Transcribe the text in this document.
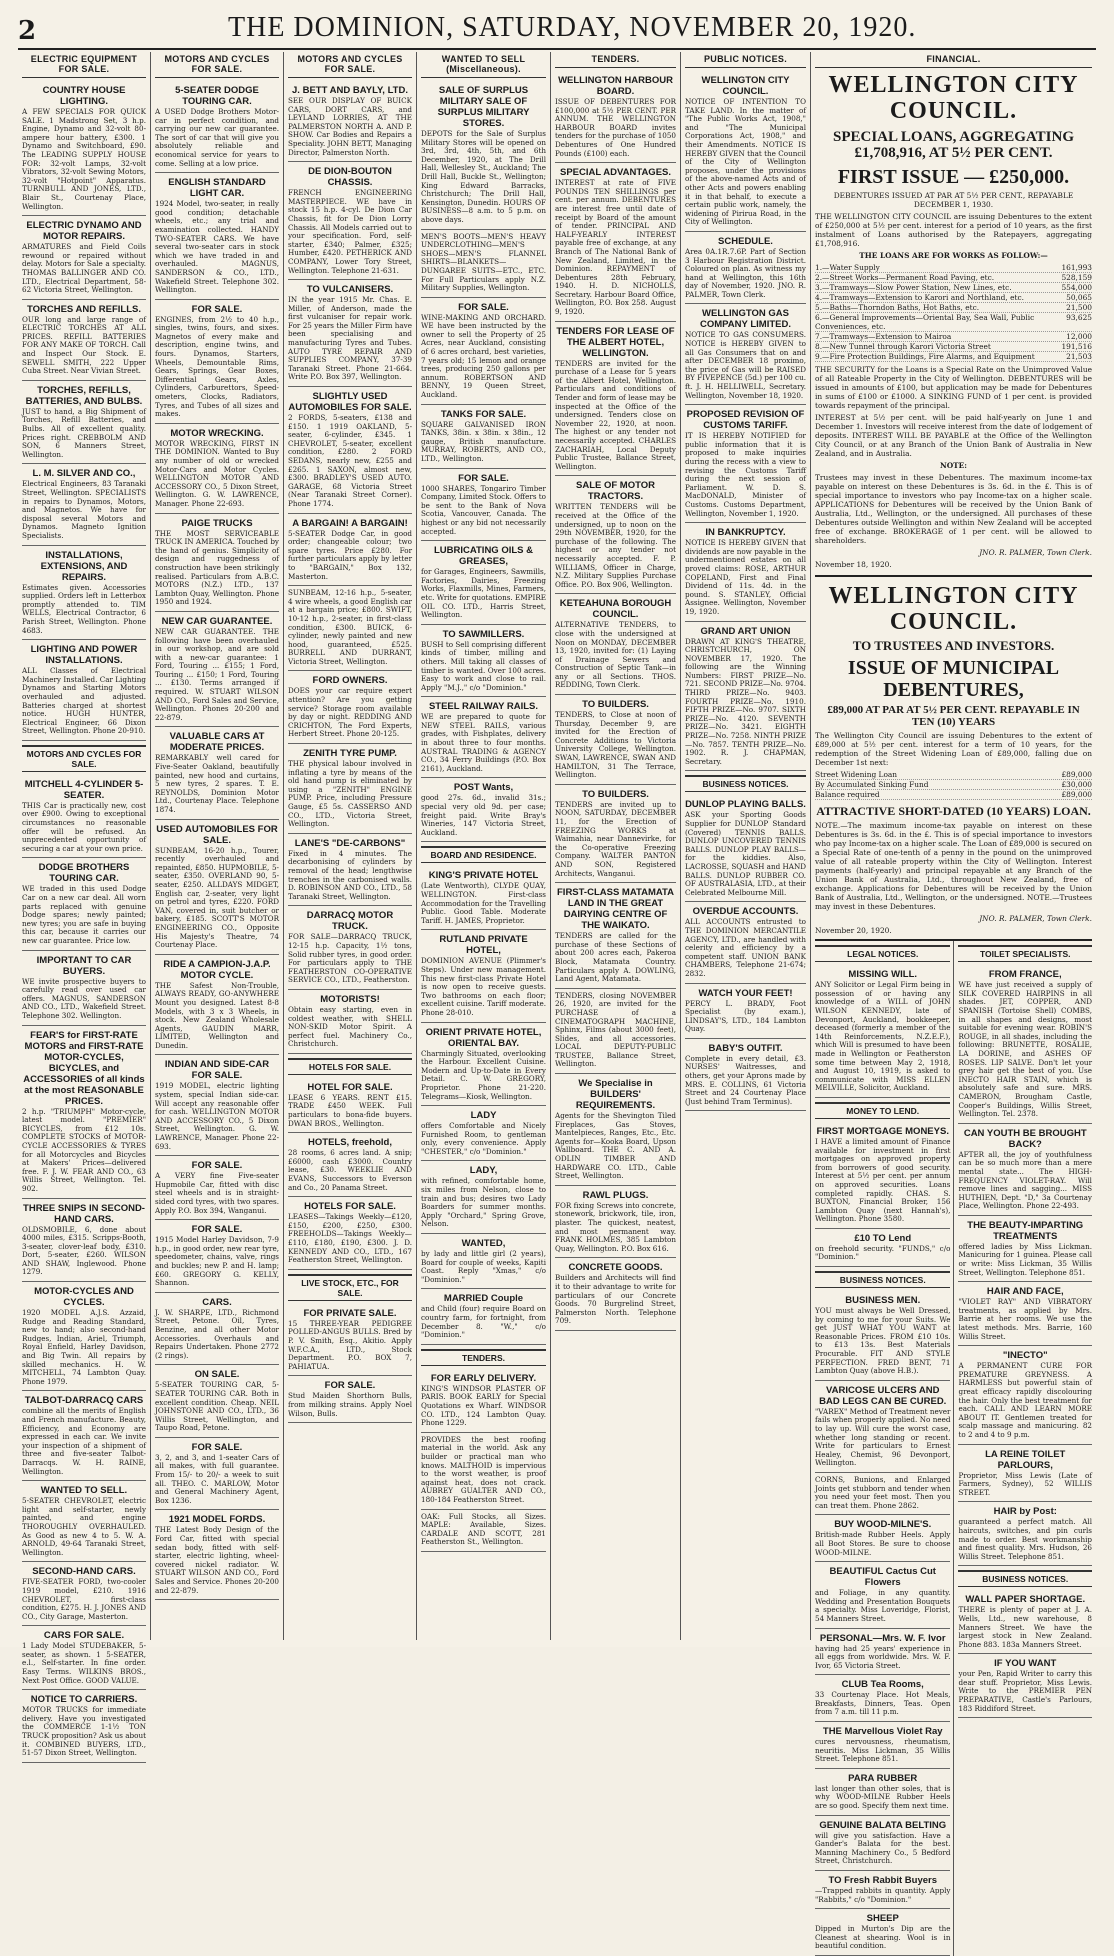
2	THE DOMINION, SATURDAY, NOVEMBER 20, 1920.
ELECTRIC EQUIPMENT FOR SALE.
COUNTRY HOUSE LIGHTING.
A FEW SPECIALS FOR QUICK SALE. 1 Madstrong Set, 3 h.p. Engine, Dynamo and 32-volt 80-ampere hour battery, £300. 1 Dynamo and Switchboard, £90. The LEADING SUPPLY HOUSE FOR: 32-volt Lamps, 32-volt Vibrators, 32-volt Sewing Motors, 32-volt "Hotpoint" Apparatus. TURNBULL AND JONES, LTD., Blair St., Courtenay Place, Wellington.
ELECTRIC DYNAMO AND MOTOR REPAIRS.
ARMATURES and Field Coils rewound or repaired without delay. Motors for Sale a specialty. THOMAS BALLINGER AND CO. LTD., Electrical Department, 58-62 Victoria Street, Wellington.
TORCHES AND REFILLS.
OUR long and large range of ELECTRIC TORCHES AT ALL PRICES. REFILL BATTERIES FOR ANY MAKE OF TORCH. Call and Inspect Our Stock. E. SEWELL SMITH, 222 Upper Cuba Street. Near Vivian Street.
TORCHES, REFILLS, BATTERIES, AND BULBS.
JUST to hand, a Big Shipment of Torches, Refill Batteries, and Bulbs. All of excellent quality. Prices right. CREBBOLM AND SON, 6 Manners Street, Wellington.
L. M. SILVER AND CO.,
Electrical Engineers, 83 Taranaki Street, Wellington. SPECIALISTS in repairs to Dynamos, Motors, and Magnetos. We have for disposal several Motors and Dynamos. Magneto Ignition Specialists.
INSTALLATIONS, EXTENSIONS, AND REPAIRS.
Estimates given. Accessories supplied. Orders left in Letterbox promptly attended to. TIM WELLS, Electrical Contractor, 6 Parish Street, Wellington. Phone 4683.
LIGHTING AND POWER INSTALLATIONS.
ALL Classes of Electrical Machinery Installed. Car Lighting Dynamos and Starting Motors overhauled and adjusted. Batteries charged at shortest notice. HUGH HUNTER, Electrical Engineer, 66 Dixon Street, Wellington. Phone 20-910.
MOTORS AND CYCLES FOR SALE.
MITCHELL 4-CYLINDER 5-SEATER.
THIS Car is practically new, cost over £900. Owing to exceptional circumstances no reasonable offer will be refused. An unprecedented opportunity of securing a car at your own price.
DODGE BROTHERS TOURING CAR.
WE traded in this used Dodge Car on a new car deal. All worn parts replaced with genuine Dodge spares; newly painted; new tyres; you are safe in buying this car, because it carries our new car guarantee. Price low.
IMPORTANT TO CAR BUYERS.
WE invite prospective buyers to carefully read over used car offers. MAGNUS, SANDERSON AND CO., LTD., Wakefield Street. Telephone 302. Wellington.
FEAR'S for FIRST-RATE MOTORS and FIRST-RATE MOTOR-CYCLES, BICYCLES, and ACCESSORIES of all kinds at the most REASONABLE PRICES.
2 h.p. "TRIUMPH" Motor-cycle, latest model. "PREMIER" BICYCLES, from £12 10s. COMPLETE STOCKS of MOTOR-CYCLE ACCESSORIES & TYRES for all Motorcycles and Bicycles at Makers' Prices—delivered free. F. J. W. FEAR AND CO., 63 Willis Street, Wellington. Tel. 902.
THREE SNIPS IN SECOND-HAND CARS.
OLDSMOBILE, 6, done about 4000 miles, £315. Scripps-Booth, 3-seater, clover-leaf body, £310. Dort, 5-seater, £260. WILSON AND SHAW, Inglewood. Phone 1279.
MOTOR-CYCLES AND CYCLES.
1920 MODEL A.J.S. Azzaid, Rudge and Reading Standard, new to hand; also second-hand Rudges, Indian, Ariel, Triumph, Royal Enfield, Harley Davidson, and Big Twin. All repairs by skilled mechanics. H. W. MITCHELL, 74 Lambton Quay. Phone 1979.
TALBOT-DARRACQ CARS
combine all the merits of English and French manufacture. Beauty, Efficiency, and Economy are expressed in each car. We invite your inspection of a shipment of three and five-seater Talbot-Darracqs. W. H. RAINE, Wellington.
WANTED TO SELL.
5-SEATER CHEVROLET, electric light and self-starter, newly painted, and engine THOROUGHLY OVERHAULED. As Good as new 4 to 5. W. A. ARNOLD, 49-64 Taranaki Street, Wellington.
SECOND-HAND CARS.
FIVE-SEATER FORD, two-cooler 1919 model, £210. 1916 CHEVROLET, first-class condition, £275. H. J. JONES AND CO., City Garage, Masterton.
CARS FOR SALE.
1 Lady Model STUDEBAKER, 5-seater, as shown. 1 5-SEATER, e.l., Self-starter. In fine order. Easy Terms. WILKINS BROS., Next Post Office. GOOD VALUE.
NOTICE TO CARRIERS.
MOTOR TRUCKS for immediate delivery. Have you investigated the COMMERCE 1-1½ TON TRUCK proposition? Ask us about it. COMBINED BUYERS, LTD., 51-57 Dixon Street, Wellington.
MOTORS AND CYCLES FOR SALE.
5-SEATER DODGE TOURING CAR.
A USED Dodge Brothers Motor-car in perfect condition, and carrying our new car guarantee. The sort of car that will give you absolutely reliable and economical service for years to come. Selling at a low price.
ENGLISH STANDARD LIGHT CAR.
1924 Model, two-seater, in really good condition; detachable wheels, etc.; any trial and examination collected. HANDY TWO-SEATER CARS. We have several two-seater cars in stock which we have traded in and overhauled. MAGNUS, SANDERSON & CO., LTD., Wakefield Street. Telephone 302. Wellington.
FOR SALE.
ENGINES, from 2½ to 40 h.p., singles, twins, fours, and sixes. Magnetos of every make and description, engine twins, and fours. Dynamos, Starters, Wheels, Demountable Rims, Gears, Springs, Gear Boxes, Differential Gears, Axles, Cylinders, Carburettors, Speed-ometers, Clocks, Radiators, Tyres, and Tubes of all sizes and makes.
MOTOR WRECKING.
MOTOR WRECKING, FIRST IN THE DOMINION. Wanted to Buy any number of old or wrecked Motor-Cars and Motor Cycles. WELLINGTON MOTOR AND ACCESSORY CO., 5 Dixon Street, Wellington. G. W. LAWRENCE, Manager. Phone 22-693.
PAIGE TRUCKS
THE MOST SERVICEABLE TRUCK IN AMERICA. Touched by the hand of genius. Simplicity of design and ruggedness of construction have been strikingly realised. Particulars from A.B.C. MOTORS (N.Z.) LTD., 137 Lambton Quay, Wellington. Phone 1950 and 1924.
NEW CAR GUARANTEE.
NEW CAR GUARANTEE. THE following have been overhauled in our workshop, and are sold with a new-car guarantee: 1 Ford, Touring ... £155; 1 Ford, Touring ... £150; 1 Ford, Touring ... £130. Terms arranged if required. W. STUART WILSON AND CO., Ford Sales and Service, Wellington. Phones 20-200 and 22-879.
VALUABLE CARS AT MODERATE PRICES.
REMARKABLY well cared for Five-Seater Oakland, beautifully painted, new hood and curtains, 5 new tyres, 2 spares. T. E. REYNOLDS, Dominion Motor Ltd., Courtenay Place. Telephone 1874.
USED AUTOMOBILES FOR SALE.
SUNBEAM, 16-20 h.p., Tourer, recently overhauled and repainted, £850. HUPMOBILE, 5-seater, £350. OVERLAND 90, 5-seater, £250. ALLDAYS MIDGET, English car, 2-seater, very light on petrol and tyres, £220. FORD VAN, covered in, suit butcher or bakery, £185. SCOTT'S MOTOR ENGINEERING CO., Opposite His Majesty's Theatre, 74 Courtenay Place.
RIDE A CAMPION-J.A.P. MOTOR CYCLE.
THE Safest Non-Trouble, ALWAYS READY, GO-ANYWHERE Mount you designed. Latest 8-8 Models, with 3 x 3 Wheels, in stock. New Zealand Wholesale Agents, GAUDIN MARR, LIMITED, Wellington and Dunedin.
INDIAN AND SIDE-CAR FOR SALE.
1919 MODEL, electric lighting system, special Indian side-car. Will accept any reasonable offer for cash. WELLINGTON MOTOR AND ACCESSORY CO., 5 Dixon Street, Wellington. G. W. LAWRENCE, Manager. Phone 22-693.
FOR SALE.
A VERY fine Five-seater Hupmobile Car, fitted with disc steel wheels and is in straight-sided cord tyres, with two spares. Apply P.O. Box 394, Wanganui.
FOR SALE.
1915 Model Harley Davidson, 7-9 h.p., in good order, new rear tyre, speedometer, chains, valve, rings and buckles; new P. and H. lamp; £60. GREGORY G. KELLY, Shannon.
CARS.
J. W. SHARPE, LTD., Richmond Street, Petone. Oil, Tyres, Benzine, and all other Motor Accessories. Overhauls and Repairs Undertaken. Phone 2772 (2 rings).
ON SALE.
5-SEATER TOURING CAR, 5-SEATER TOURING CAR. Both in excellent condition. Cheap. NEIL JOHNSTONE AND CO., LTD., 36 Willis Street, Wellington, and Taupo Road, Petone.
FOR SALE.
3, 2, and 3, and 1-seater Cars of all makes, with full guarantee. From 15/- to 20/- a week to suit all. THEO. C. MARLOW, Motor and General Machinery Agent, Box 1236.
1921 MODEL FORDS.
THE Latest Body Design of the Ford Car, fitted with special sedan body, fitted with self-starter, electric lighting, wheel-covered nickel radiator. W. STUART WILSON AND CO., Ford Sales and Service. Phones 20-200 and 22-879.
MOTORS AND CYCLES FOR SALE.
J. BETT AND BAYLY, LTD.
SEE OUR DISPLAY OF BUICK CARS, DORT CARS, and LEYLAND LORRIES, AT THE PALMERSTON NORTH A. AND P. SHOW. Car Bodies and Repairs a Speciality. JOHN BETT, Managing Director, Palmerston North.
DE DION-BOUTON CHASSIS.
FRENCH ENGINEERING MASTERPIECE. WE have in stock 15 h.p. 4-cyl. De Dion Car Chassis, fit for De Dion Lorry Chassis. All Models carried out to your specification. Ford, self-starter, £340; Palmer, £325; Humber, £420. PETHERICK AND COMPANY, Lower Tory Street, Wellington. Telephone 21-631.
TO VULCANISERS.
IN the year 1915 Mr. Chas. E. Miller, of Anderson, made the first vulcaniser for repair work. For 25 years the Miller Firm have been specialising and manufacturing Tyres and Tubes. AUTO TYRE REPAIR AND SUPPLIES COMPANY, 37-39 Taranaki Street. Phone 21-664. Write P.O. Box 397, Wellington.
SLIGHTLY USED AUTOMOBILES FOR SALE.
2 FORDS, 5-seaters, £138 and £150. 1 1919 OAKLAND, 5-seater, 6-cylinder, £345. 1 CHEVROLET, 5-seater, excellent condition, £280. 2 FORD SEDANS, nearly new, £255 and £265. 1 SAXON, almost new, £300. BRADLEY'S USED AUTO. GARAGE, 68 Victoria Street (Near Taranaki Street Corner). Phone 1774.
A BARGAIN! A BARGAIN!
5-SEATER Dodge Car, in good order; changeable colour; two spare tyres. Price £280. For further particulars apply by letter to "BARGAIN," Box 132, Masterton.
SUNBEAM, 12-16 h.p., 5-seater, 4 wire wheels, a good English car at a bargain price; £800. SWIFT, 10-12 h.p., 2-seater, in first-class condition, £300. BUICK, 6-cylinder, newly painted and new hood, guaranteed, £525. BURRELL AND DURRANT, Victoria Street, Wellington.
FORD OWNERS.
DOES your car require expert attention? Are you getting service? Storage room available by day or night. REDDING AND CRICHTON, The Ford Experts, Herbert Street. Phone 20-125.
ZENITH TYRE PUMP.
THE physical labour involved in inflating a tyre by means of the old hand pump is eliminated by using a "ZENITH" ENGINE PUMP. Price, including Pressure Gauge, £5 5s. CASSERSO AND CO., LTD., Victoria Street, Wellington.
LANE'S "DE-CARBONS"
Fixed in 4 minutes. The decarbonising of cylinders by removal of the head; lengthwise trenches in the carbonised walls. D. ROBINSON AND CO., LTD., 58 Taranaki Street, Wellington.
DARRACQ MOTOR TRUCK.
FOR SALE—DARRACQ TRUCK, 12-15 h.p. Capacity, 1½ tons, Solid rubber tyres, in good order. For particulars apply to THE FEATHERSTON CO-OPERATIVE SERVICE CO., LTD., Featherston.
MOTORISTS!
Obtain easy starting, even in coldest weather, with SHELL NON-SKID Motor Spirit. A perfect fuel. Machinery Co., Christchurch.
HOTELS FOR SALE.
HOTEL FOR SALE.
LEASE 6 YEARS. RENT £15. TRADE £450 WEEK. Full particulars to bona-fide buyers. DWAN BROS., Wellington.
HOTELS, freehold,
28 rooms, 6 acres land. A snip; £6000, cash £3000. Country lease, £30. WEEKLIE AND EVANS, Successors to Everson and Co., 20 Panama Street.
HOTELS FOR SALE.
LEASES—Takings Weekly—£120, £150, £200, £250, £300. FREEHOLDS—Takings Weekly—£110, £180, £190, £300. J. D. KENNEDY AND CO., LTD., 167 Featherston Street, Wellington.
LIVE STOCK, ETC., FOR SALE.
FOR PRIVATE SALE.
15 THREE-YEAR PEDIGREE POLLED-ANGUS BULLS. Bred by P. V. Smith, Esq., Akitio. Apply W.F.C.A., LTD., Stock Department. P.O. BOX 7, PAHIATUA.
FOR SALE.
Stud Maiden Shorthorn Bulls, from milking strains. Apply Noel Wilson, Bulls.
WANTED TO SELL (Miscellaneous).
SALE OF SURPLUS MILITARY SALE OF SURPLUS MILITARY STORES.
DEPOTS for the Sale of Surplus Military Stores will be opened on 3rd, 3rd, 4th, 5th, and 6th December, 1920, at The Drill Hall, Wellesley St., Auckland; The Drill Hall, Buckle St., Wellington; King Edward Barracks, Christchurch; The Drill Hall, Kensington, Dunedin. HOURS OF BUSINESS—8 a.m. to 5 p.m. on above days.
MEN'S BOOTS—MEN'S HEAVY UNDERCLOTHING—MEN'S SHOES—MEN'S FLANNEL SHIRTS—BLANKETS—DUNGAREE SUITS—ETC., ETC. For Full Particulars apply N.Z. Military Supplies, Wellington.
FOR SALE.
WINE-MAKING AND ORCHARD. WE have been instructed by the owner to sell the Property of 25 Acres, near Auckland, consisting of 6 acres orchard, best varieties, 7 years old; 15 lemon and orange trees, producing 250 gallons per annum. ROBERTSON AND BENNY, 19 Queen Street, Auckland.
TANKS FOR SALE.
SQUARE GALVANISED IRON TANKS, 38in. x 38in. x 38in., 12 gauge, British manufacture. MURRAY, ROBERTS, AND CO., LTD., Wellington.
FOR SALE.
1000 SHARES, Tongariro Timber Company, Limited Stock. Offers to be sent to the Bank of Nova Scotia, Vancouver, Canada. The highest or any bid not necessarily accepted.
LUBRICATING OILS & GREASES,
for Garages, Engineers, Sawmills, Factories, Dairies, Freezing Works, Flaxmills, Mines, Farmers, etc. Write for quotations. EMPIRE OIL CO. LTD., Harris Street, Wellington.
TO SAWMILLERS.
BUSH to Sell comprising different kinds of timber, milling and others. Mill taking all classes of timber is wanted. Over 100 acres. Easy to work and close to rail. Apply "M.J.," c/o "Dominion."
STEEL RAILWAY RAILS.
WE are prepared to quote for NEW STEEL RAILS, various grades, with Fishplates, delivery in about three to four months. AUSTRAL TRADING & AGENCY CO., 34 Ferry Buildings (P.O. Box 2161), Auckland.
POST Wants,
good 27s. 6d., invalid 31s.; special very old 9d. per case; freight paid. Write Bray's Wineries, 147 Victoria Street, Auckland.
BOARD AND RESIDENCE.
KING'S PRIVATE HOTEL
(Late Wentworth), CLYDE QUAY, WELLINGTON. First-class Accommodation for the Travelling Public. Good Table. Moderate Tariff. H. JAMES, Proprietor.
RUTLAND PRIVATE HOTEL,
DOMINION AVENUE (Plimmer's Steps). Under new management. This new first-class Private Hotel is now open to receive guests. Two bathrooms on each floor; excellent cuisine. Tariff moderate. Phone 28-010.
ORIENT PRIVATE HOTEL, ORIENTAL BAY.
Charmingly Situated, overlooking the Harbour. Excellent Cuisine. Modern and Up-to-Date in Every Detail. C. W. GREGORY, Proprietor. Phone 21-220. Telegrams—Kiosk, Wellington.
LADY
offers Comfortable and Nicely Furnished Room, to gentleman only, every convenience. Apply "CHESTER," c/o "Dominion."
LADY,
with refined, comfortable home, six miles from Nelson, close to train and bus; desires two Lady Boarders for summer months. Apply "Orchard," Spring Grove, Nelson.
WANTED,
by lady and little girl (2 years), Board for couple of weeks, Kapiti Coast. Reply "Xmas," c/o "Dominion."
MARRIED Couple
and Child (four) require Board on country farm, for fortnight, from December 8. "W.," c/o "Dominion."
TENDERS.
FOR EARLY DELIVERY.
KING'S WINDSOR PLASTER OF PARIS. BOOK EARLY for Special Quotations ex Wharf. WINDSOR CO. LTD., 124 Lambton Quay. Phone 1229.
PROVIDES the best roofing material in the world. Ask any builder or practical man who knows. MALTHOID is impervious to the worst weather, is proof against heat, does not crack. AUBREY GUALTER AND CO., 180-184 Featherston Street.
OAK: Full Stocks, all Sizes. MAPLE: Available, Sizes. CARDALE AND SCOTT, 281 Featherston St., Wellington.
TENDERS.
WELLINGTON HARBOUR BOARD.
ISSUE OF DEBENTURES FOR £100,000 at 5½ PER CENT. PER ANNUM. THE WELLINGTON HARBOUR BOARD invites tenders for the purchase of 1050 Debentures of One Hundred Pounds (£100) each.
SPECIAL ADVANTAGES.
INTEREST at rate of FIVE POUNDS TEN SHILLINGS per cent. per annum. DEBENTURES are interest free until date of receipt by Board of the amount of tender. PRINCIPAL AND HALF-YEARLY INTEREST payable free of exchange, at any Branch of The National Bank of New Zealand, Limited, in the Dominion. REPAYMENT of Debentures 28th February, 1940. H. D. NICHOLLS, Secretary. Harbour Board Office, Wellington, P.O. Box 258. August 9, 1920.
TENDERS FOR LEASE OF THE ALBERT HOTEL, WELLINGTON.
TENDERS are invited for the purchase of a Lease for 5 years of the Albert Hotel, Wellington. Particulars and conditions of Tender and form of lease may be inspected at the Office of the undersigned. Tenders close on November 22, 1920, at noon. The highest or any tender not necessarily accepted. CHARLES ZACHARIAH, Local Deputy Public Trustee, Ballance Street, Wellington.
SALE OF MOTOR TRACTORS.
WRITTEN TENDERS will be received at the Office of the undersigned, up to noon on the 29th NOVEMBER, 1920, for the purchase of the following. The highest or any tender not necessarily accepted. F. P. WILLIAMS, Officer in Charge, N.Z. Military Supplies Purchase Office. P.O. Box 906, Wellington.
KETEAHUNA BOROUGH COUNCIL.
ALTERNATIVE TENDERS, to close with the undersigned at Noon on MONDAY, DECEMBER 13, 1920, invited for: (1) Laying of Drainage Sewers and Construction of Septic Tank—in any or all Sections. THOS. REDDING, Town Clerk.
TO BUILDERS.
TENDERS, to Close at noon of Thursday, December 9, are invited for the Erection of Concrete Additions to Victoria University College, Wellington. SWAN, LAWRENCE, SWAN AND HAMILTON, 31 The Terrace, Wellington.
TO BUILDERS.
TENDERS are invited up to NOON, SATURDAY, DECEMBER 11, for the Erection of FREEZING WORKS at Waimahia, near Dannevirke, for the Co-operative Freezing Company. WALTER PANTON AND SON, Registered Architects, Wanganui.
FIRST-CLASS MATAMATA LAND IN THE GREAT DAIRYING CENTRE OF THE WAIKATO.
TENDERS are called for the purchase of these Sections of about 200 acres each, Pakeroa Block, Matamata Country. Particulars apply A. DOWLING, Land Agent, Matamata.
TENDERS, closing NOVEMBER 26, 1920, are invited for the PURCHASE of a CINEMATOGRAPH MACHINE, Sphinx, Films (about 3000 feet), Slides, and all accessories. LOCAL DEPUTY-PUBLIC TRUSTEE, Ballance Street, Wellington.
We Specialise in BUILDERS' REQUIREMENTS.
Agents for the Shevington Tiled Fireplaces, Gas Stoves, Mantelpieces, Ranges, Etc., Etc. Agents for—Kooka Board, Upson Wallboard. THE C. AND A. ODLIN TIMBER AND HARDWARE CO. LTD., Cable Street, Wellington.
RAWL PLUGS.
FOR fixing Screws into concrete, stonework, brickwork, tile, iron, plaster. The quickest, neatest, and most permanent way. FRANK HOLMES, 385 Lambton Quay, Wellington. P.O. Box 616.
CONCRETE GOODS.
Builders and Architects will find it to their advantage to write for particulars of our Concrete Goods. 70 Burgrelind Street, Palmerston North. Telephone 709.
PUBLIC NOTICES.
WELLINGTON CITY COUNCIL.
NOTICE OF INTENTION TO TAKE LAND. In the matter of "The Public Works Act, 1908," and "The Municipal Corporations Act, 1908," and their Amendments. NOTICE IS HEREBY GIVEN that the Council of the City of Wellington proposes, under the provisions of the above-named Acts and of other Acts and powers enabling it in that behalf, to execute a certain public work, namely, the widening of Pirirua Road, in the City of Wellington.
SCHEDULE.
Area 0A.1R.7.6P. Part of Section 3 Harbour Registration District. Coloured on plan. As witness my hand at Wellington, this 16th day of November, 1920. JNO. R. PALMER, Town Clerk.
WELLINGTON GAS COMPANY LIMITED.
NOTICE TO GAS CONSUMERS. NOTICE is HEREBY GIVEN to all Gas Consumers that on and after DECEMBER 18 proximo, the price of Gas will be RAISED BY FIVEPENCE (5d.) per 100 cu. ft. J. H. HELLIWELL, Secretary. Wellington, November 18, 1920.
PROPOSED REVISION OF CUSTOMS TARIFF.
IT IS HEREBY NOTIFIED for public information that it is proposed to make inquiries during the recess with a view to revising the Customs Tariff during the next session of Parliament. W. D. S. MacDONALD, Minister of Customs. Customs Department, Wellington, November 1, 1920.
IN BANKRUPTCY.
NOTICE IS HEREBY GIVEN that dividends are now payable in the undermentioned estates on all proved claims: ROSE, ARTHUR COPELAND, First and Final Dividend of 11s. 4d. in the pound. S. STANLEY, Official Assignee. Wellington, November 19, 1920.
GRAND ART UNION
DRAWN AT KING'S THEATRE, CHRISTCHURCH, ON NOVEMBER 17, 1920. The following are the Winning Numbers: FIRST PRIZE—No. 721. SECOND PRIZE—No. 9704. THIRD PRIZE—No. 9403. FOURTH PRIZE—No. 1910. FIFTH PRIZE—No. 9707. SIXTH PRIZE—No. 4120. SEVENTH PRIZE—No. 3421. EIGHTH PRIZE—No. 7258. NINTH PRIZE—No. 7857. TENTH PRIZE—No. 1902. R. J. CHAPMAN, Secretary.
BUSINESS NOTICES.
DUNLOP PLAYING BALLS.
ASK your Sporting Goods Supplier for DUNLOP Standard (Covered) TENNIS BALLS. DUNLOP UNCOVERED TENNIS BALLS. DUNLOP PLAY BALLS—for the kiddies. Also, LACROSSE, SQUASH and HAND BALLS. DUNLOP RUBBER CO. OF AUSTRALASIA, LTD., at their Celebrated Melbourne Mill.
OVERDUE ACCOUNTS.
ALL ACCOUNTS entrusted to THE DOMINION MERCANTILE AGENCY, LTD., are handled with celerity and efficiency by a competent staff. UNION BANK CHAMBERS, Telephone 21-674; 2832.
WATCH YOUR FEET!
PERCY L. BRADY, Foot Specialist (by exam.), LINDSAY'S, LTD., 184 Lambton Quay.
BABY'S OUTFIT.
Complete in every detail, £3. NURSES' Waitresses, and others, get your Aprons made by MRS. E. COLLINS, 61 Victoria Street and 24 Courtenay Place (Just behind Tram Terminus).
FINANCIAL.
WELLINGTON CITY COUNCIL.
SPECIAL LOANS, AGGREGATING £1,708,916, AT 5½ PER CENT.
FIRST ISSUE — £250,000.
DEBENTURES ISSUED AT PAR AT 5½ PER CENT., REPAYABLE DECEMBER 1, 1930.
THE WELLINGTON CITY COUNCIL are issuing Debentures to the extent of £250,000 at 5½ per cent. interest for a period of 10 years, as the first instalment of Loans authorised by the Ratepayers, aggregating £1,708,916.
THE LOANS ARE FOR WORKS AS FOLLOW:—
1.—Water Supply	161,993
2.—Street Works—Permanent Road Paving, etc.	528,159
3.—Tramways—Slow Power Station, New Lines, etc.	554,000
4.—Tramways—Extension to Karori and Northland, etc.	50,065
5.—Baths—Thorndon Baths, Hot Baths, etc.	21,500
6.—General Improvements—Oriental Bay, Sea Wall, Public Conveniences, etc.
93,625
7.—Tramways—Extension to Mairoa	12,000
8.—New Tunnel through Karori Victoria Street	191,516
9.—Fire Protection Buildings, Fire Alarms, and Equipment	21,503
THE SECURITY for the Loans is a Special Rate on the Unimproved Value of all Rateable Property in the City of Wellington. DEBENTURES will be issued in amounts of £100, but application may be made for Debentures in sums of £100 or £1000. A SINKING FUND of 1 per cent. is provided towards repayment of the principal.
INTEREST at 5½ per cent. will be paid half-yearly on June 1 and December 1. Investors will receive interest from the date of lodgement of deposits. INTEREST WILL BE PAYABLE at the Office of the Wellington City Council, or at any Branch of the Union Bank of Australia in New Zealand, and in Australia.
NOTE:
Trustees may invest in these Debentures. The maximum income-tax payable on interest on these Debentures is 3s. 6d. in the £. This is of special importance to investors who pay Income-tax on a higher scale. APPLICATIONS for Debentures will be received by the Union Bank of Australia, Ltd., Wellington, or the undersigned. All purchases of these Debentures outside Wellington and within New Zealand will be accepted free of exchange. BROKERAGE of 1 per cent. will be allowed to shareholders.
JNO. R. PALMER, Town Clerk.
November 18, 1920.
WELLINGTON CITY COUNCIL.
TO TRUSTEES AND INVESTORS.
ISSUE OF MUNICIPAL DEBENTURES,
£89,000 AT PAR AT 5½ PER CENT. REPAYABLE IN TEN (10) YEARS
The Wellington City Council are issuing Debentures to the extent of £89,000 at 5½ per cent. interest for a term of 10 years, for the redemption of the Street Widening Loan of £89,000, falling due on December 1st next:
Street Widening Loan	£89,000
By Accumulated Sinking Fund	£30,000
Balance required	£89,000
ATTRACTIVE SHORT-DATED (10 YEARS) LOAN.
NOTE.—The maximum income-tax payable on interest on these Debentures is 3s. 6d. in the £. This is of special importance to investors who pay Income-tax on a higher scale. The Loan of £89,000 is secured on a Special Rate of one-tenth of a penny in the pound on the unimproved value of all rateable property within the City of Wellington. Interest payments (half-yearly) and principal repayable at any Branch of the Union Bank of Australia, Ltd., throughout New Zealand, free of exchange. Applications for Debentures will be received by the Union Bank of Australia, Ltd., Wellington, or the undersigned. NOTE.—Trustees may invest in these Debentures.
JNO. R. PALMER, Town Clerk.
November 20, 1920.
LEGAL NOTICES.
MISSING WILL.
ANY Solicitor or Legal Firm being in possession of or having any knowledge of a WILL of JOHN WILSON KENNEDY, late of Devonport, Auckland, bookkeeper, deceased (formerly a member of the 14th Reinforcements, N.Z.E.F.), which Will is presumed to have been made in Wellington or Featherston some time between May 2, 1918, and August 10, 1919, is asked to communicate with MISS ELLEN MELVILLE, Solicitor, Auckland.
MONEY TO LEND.
FIRST MORTGAGE MONEYS.
I HAVE a limited amount of Finance available for investment in first mortgages on approved property from borrowers of good security. Interest at 5½ per cent. per annum on approved securities. Loans completed rapidly. CHAS. S. BUXTON, Financial Broker, 156 Lambton Quay (next Hannah's), Wellington. Phone 3580.
£10 TO Lend
on freehold security. "FUNDS," c/o "Dominion."
BUSINESS NOTICES.
BUSINESS MEN.
YOU must always be Well Dressed, by coming to me for your Suits. We get JUST WHAT YOU WANT at Reasonable Prices. FROM £10 10s. to £13 13s. Best Materials Procurable. FIT AND STYLE PERFECTION. FRED BENT, 71 Lambton Quay (above H.B.).
VARICOSE ULCERS AND BAD LEGS CAN BE CURED.
"VAREX" Method of Treatment never fails when properly applied. No need to lay up. Will cure the worst case, whether long standing or recent. Write for particulars to Ernest Healey, Chemist, 96 Devonport, Wellington.
CORNS, Bunions, and Enlarged Joints get stubborn and tender when you need your feet most. Then you can treat them. Phone 2862.
BUY WOOD-MILNE'S.
British-made Rubber Heels. Apply all Boot Stores. Be sure to choose WOOD-MILNE.
BEAUTIFUL Cactus Cut Flowers
and Foliage, in any quantity. Wedding and Presentation Bouquets a specialty. Miss Loveridge, Florist, 54 Manners Street.
PERSONAL—Mrs. W. F. Ivor
having had 25 years' experience in all eggs from worldwide. Mrs. W. F. Ivor, 65 Victoria Street.
CLUB Tea Rooms,
33 Courtenay Place. Hot Meals, Breakfasts, Dinners, Teas. Open from 7 a.m. till 11 p.m.
THE Marvellous Violet Ray
cures nervousness, rheumatism, neuritis. Miss Lickman, 35 Willis Street. Telephone 851.
PARA RUBBER
last longer than other soles, that is why WOOD-MILNE Rubber Heels are so good. Specify them next time.
GENUINE BALATA BELTING
will give you satisfaction. Have a Gander's Balata for the best. Manning Machinery Co., 5 Bedford Street, Christchurch.
TO Fresh Rabbit Buyers
—Trapped rabbits in quantity. Apply "Rabbits," c/o "Dominion."
SHEEP
Dipped in Murton's Dip are the Cleanest at shearing. Wool is in beautiful condition.
TOILET SPECIALISTS.
FROM FRANCE,
WE have just received a supply of SILK COVERED HAIRPINS in all shades. JET, COPPER, AND SPANISH (Tortoise Shell) COMBS, in all shapes and designs, most suitable for evening wear. ROBIN'S ROUGE, in all shades, including the following: BRUNETTE, ROSALIE, LA DORINE, and ASHES OF ROSES. LIP SALVE. Don't let your grey hair get the best of you. Use INECTO HAIR STAIN, which is absolutely safe and sure. MRS. CAMERON, Brougham Castle, Cooper's Buildings, Willis Street, Wellington. Tel. 2378.
CAN YOUTH BE BROUGHT BACK?
AFTER all, the joy of youthfulness can be so much more than a mere mental state... The HIGH-FREQUENCY VIOLET-RAY. Will remove lines and sagging... MISS HUTHIEN, Dept. "D," 3a Courtenay Place, Wellington. Phone 22-493.
THE BEAUTY-IMPARTING TREATMENTS
offered ladies by Miss Lickman. Manicuring for 1 guinea. Please call or write: Miss Lickman, 35 Willis Street, Wellington. Telephone 851.
HAIR AND FACE,
"VIOLET RAY" AND VIBRATORY treatments, as applied by Mrs. Barrie at her rooms. We use the latest methods. Mrs. Barrie, 160 Willis Street.
"INECTO"
A PERMANENT CURE FOR PREMATURE GREYNESS. A HARMLESS but powerful stain of great efficacy rapidly discolouring the hair. Only the best treatment for each. CALL AND LEARN MORE ABOUT IT. Gentlemen treated for scalp massage and manicuring. 82 to 2 and 4 to 9 p.m.
LA REINE TOILET PARLOURS,
Proprietor, Miss Lewis (Late of Farmers, Sydney), 52 WILLIS STREET.
HAIR by Post:
guaranteed a perfect match. All haircuts, switches, and pin curls made to order. Best workmanship and finest quality. Mrs. Hudson, 26 Willis Street. Telephone 851.
BUSINESS NOTICES.
WALL PAPER SHORTAGE.
THERE is plenty of paper at J. A. Wells, Ltd., new warehouse, 8 Manners Street. We have the largest stock in New Zealand. Phone 883. 183a Manners Street.
IF YOU WANT
your Pen, Rapid Writer to carry this dear stuff. Proprietor, Miss Lewis. Write to the PREMIER PEN PREPARATIVE, Castle's Parlours, 183 Riddiford Street.
